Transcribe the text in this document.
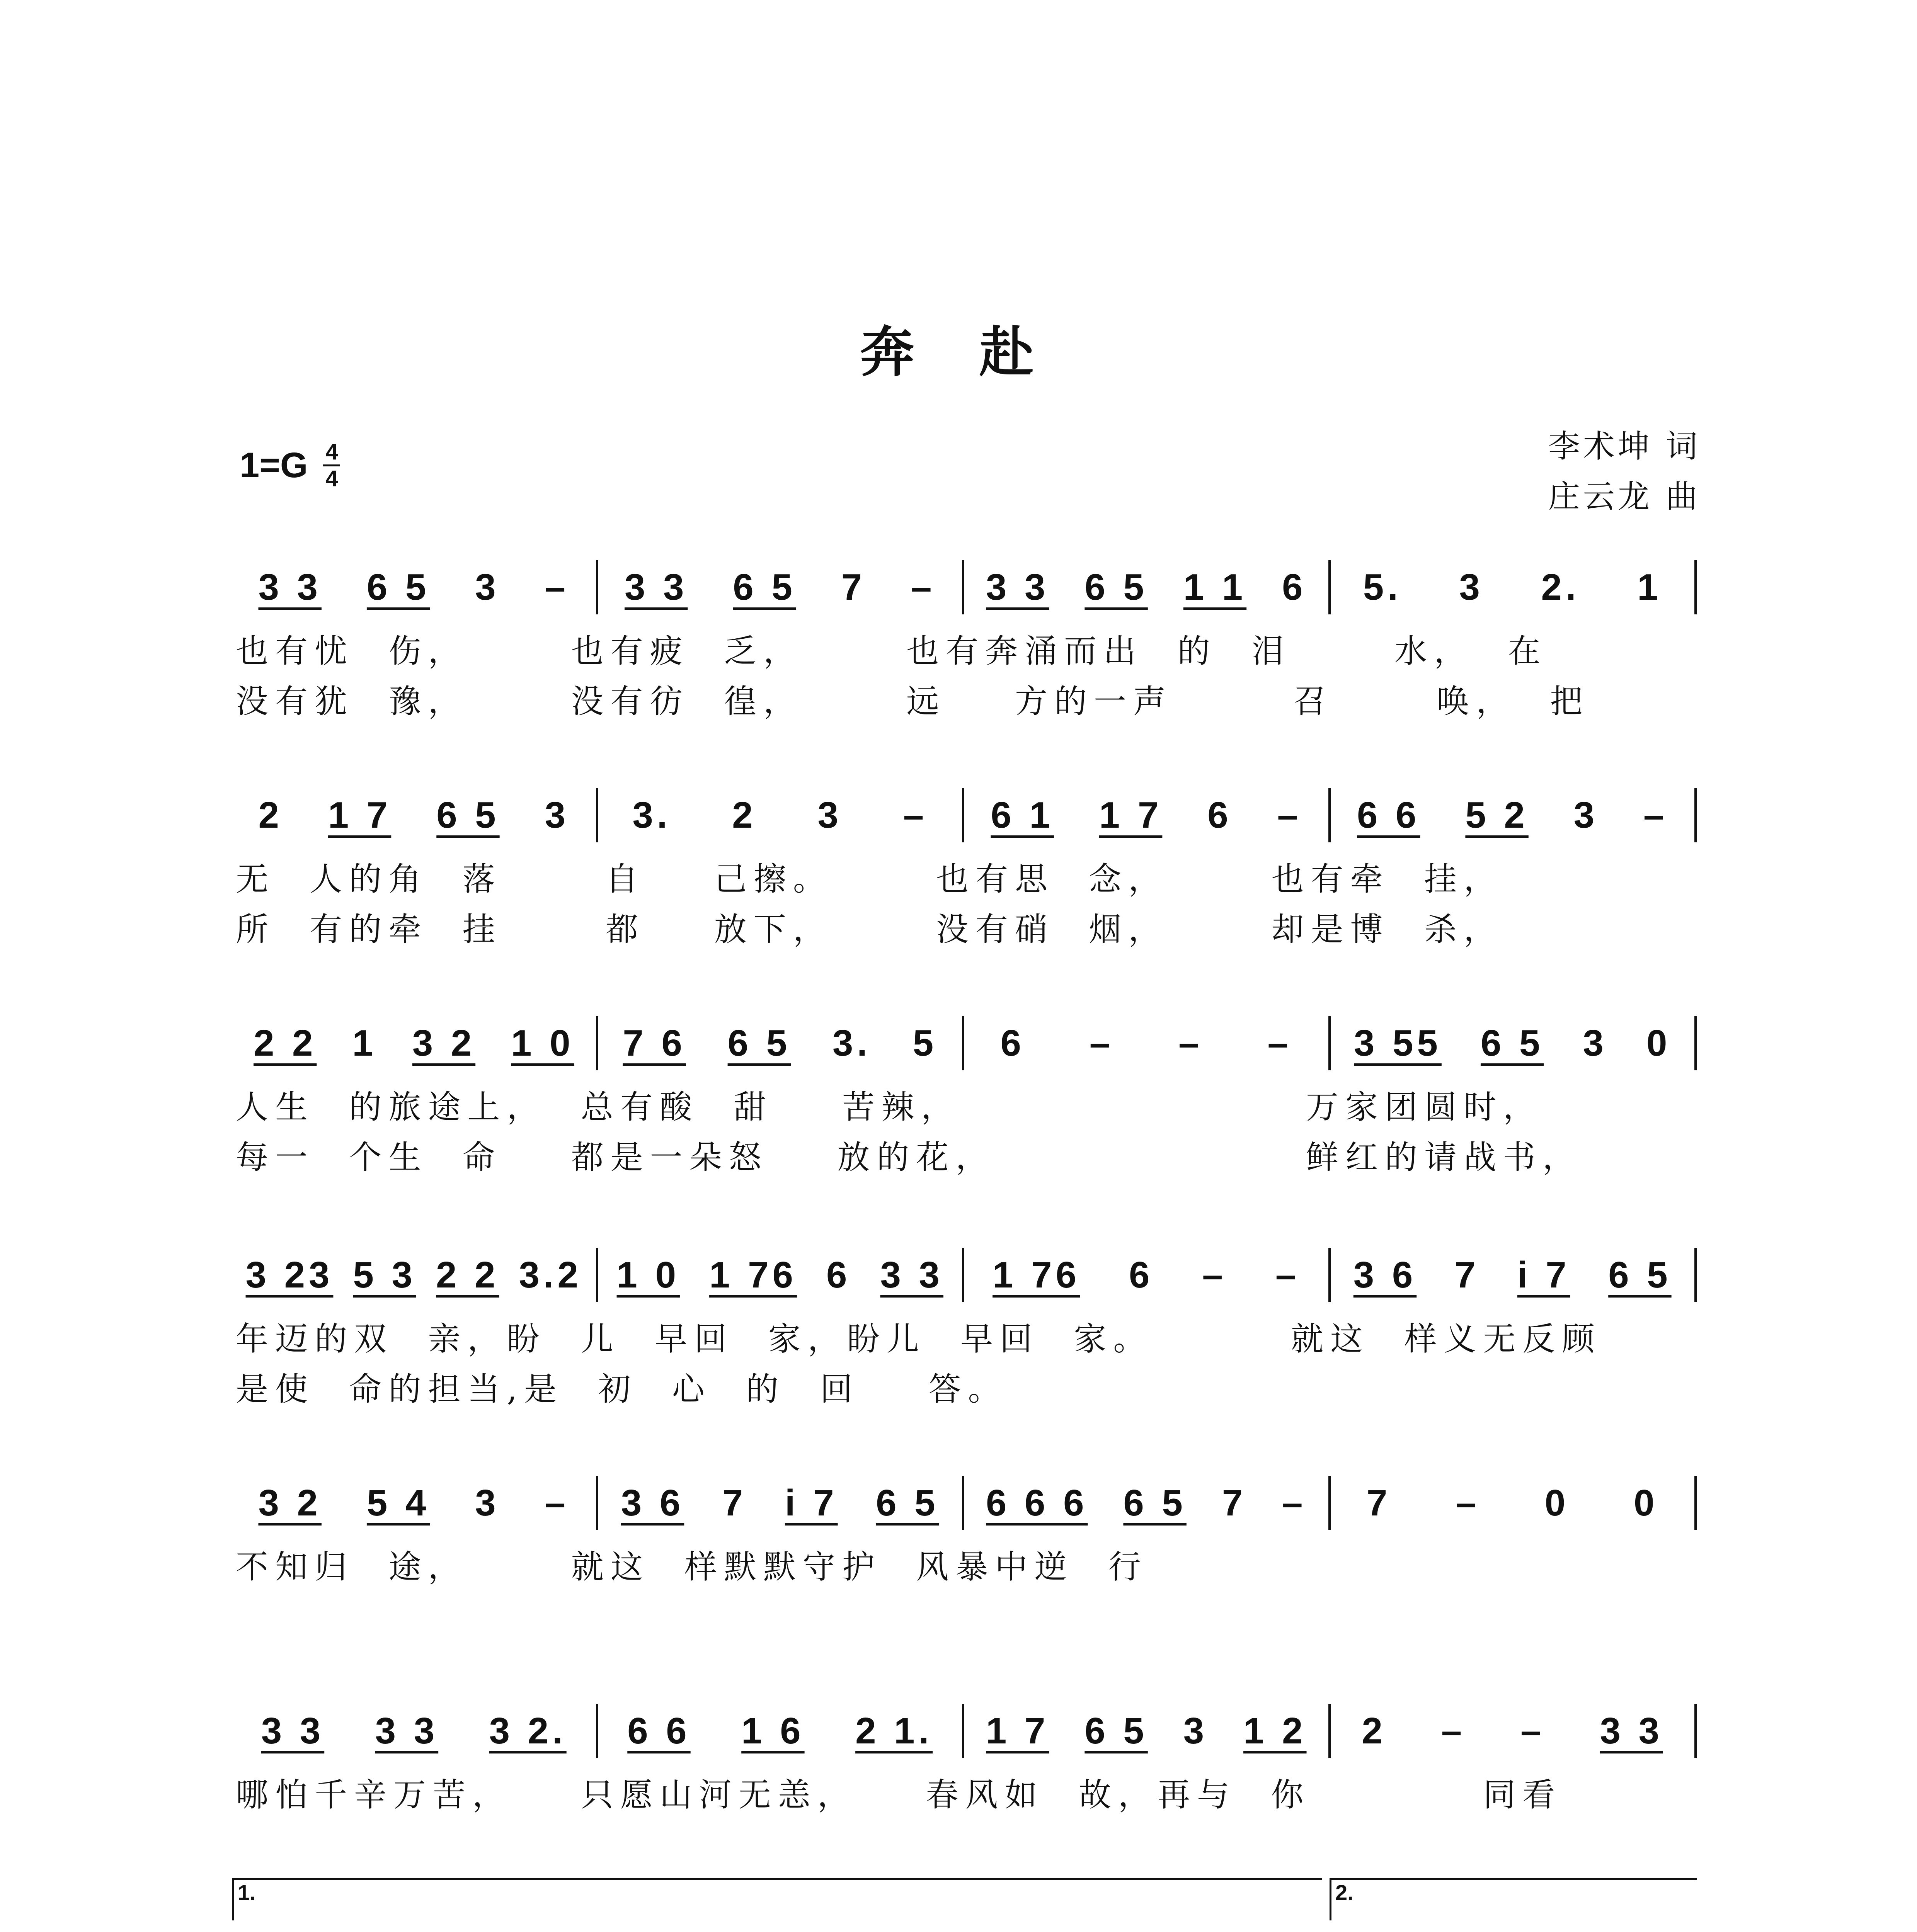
奔 赴
1=G 4
4
李术坤 词
庄云龙 曲
3 3 6 5 3 – 3 3 6 5 7 – 3 3 6 5 1 1 6 5. 3 2. 1
也有忧  伤，      也有疲  乏，      也有奔涌而出  的  泪      水，  在
没有犹  豫，      没有彷  徨，      远    方的一声       召      唤，  把
2 1 7 6 5 3 3. 2 3 – 6 1 1 7 6 – 6 6 5 2 3 –
无  人的角  落      自    己擦。      也有思  念，      也有牵  挂，
所  有的牵  挂      都    放下，      没有硝  烟，      却是博  杀，
2 2 1 3 2 1 0 7 6 6 5 3. 5 6 – – – 3 55 6 5 3 0
人生  的旅途上，  总有酸  甜    苦辣，                    万家团圆时，
每一  个生  命    都是一朵怒    放的花，                  鲜红的请战书，
3 23 5 3 2 2 3.2 1 0 1 76 6 3 3 1 76 6 – – 3 6 7 i 7 6 5
年迈的双  亲，盼  儿  早回  家，盼儿  早回  家。        就这  样义无反顾
是使  命的担当,是  初  心  的  回    答。
3 2 5 4 3 – 3 6 7 i 7 6 5 6 6 6 6 5 7 – 7 – 0 0
不知归  途，      就这  样默默守护  风暴中逆  行
3 3 3 3 3 2. 6 6 1 6 2 1. 1 7 6 5 3 1 2 2 – – 3 3
哪怕千辛万苦，    只愿山河无恙，    春风如  故，再与  你          同看
1.	2.
